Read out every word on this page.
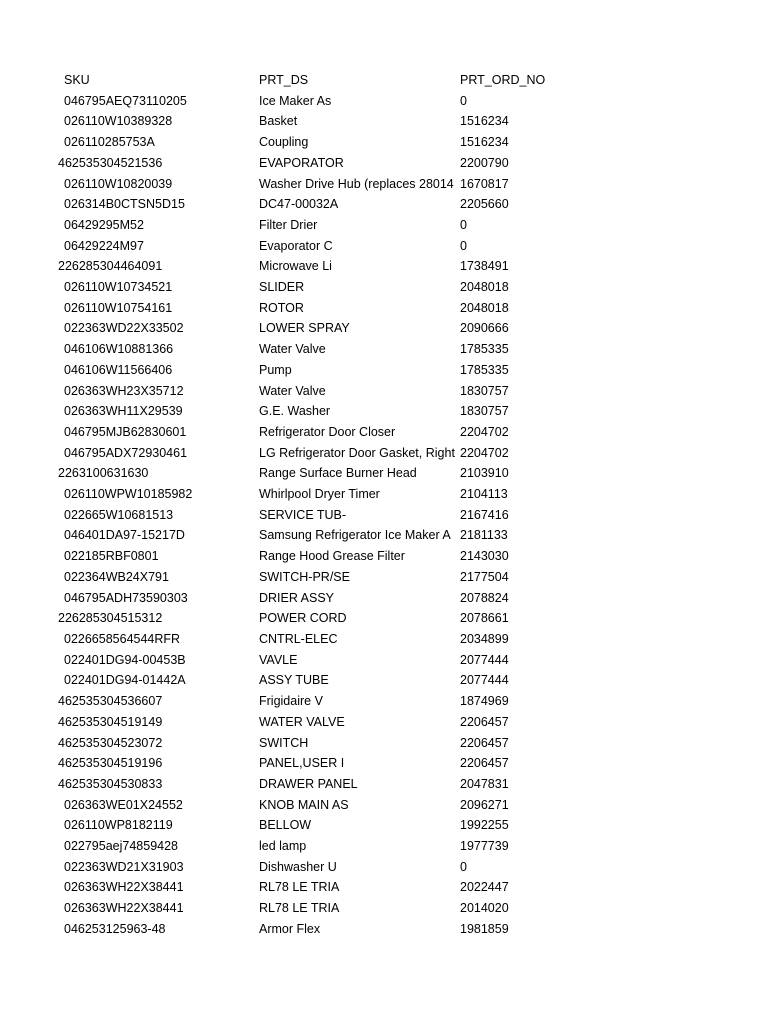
SKU	PRT_DS	PRT_ORD_NO
046795AEQ73110205	Ice Maker As	0
026110W10389328	Basket	1516234
026110285753A	Coupling	1516234
462535304521536	EVAPORATOR	2200790
026110W10820039	Washer Drive Hub (replaces 28014	1670817
026314B0CTSN5D15	DC47-00032A	2205660
06429295M52	Filter Drier	0
06429224M97	Evaporator C	0
226285304464091	Microwave Li	1738491
026110W10734521	SLIDER	2048018
026110W10754161	ROTOR	2048018
022363WD22X33502	LOWER SPRAY	2090666
046106W10881366	Water Valve	1785335
046106W11566406	Pump	1785335
026363WH23X35712	Water Valve	1830757
026363WH11X29539	G.E. Washer	1830757
046795MJB62830601	Refrigerator Door Closer	2204702
046795ADX72930461	LG Refrigerator Door Gasket, Right	2204702
2263100631630	Range Surface Burner Head	2103910
026110WPW10185982	Whirlpool Dryer Timer	2104113
022665W10681513	SERVICE TUB-	2167416
046401DA97-15217D	Samsung Refrigerator Ice Maker A	2181133
022185RBF0801	Range Hood Grease Filter	2143030
022364WB24X791	SWITCH-PR/SE	2177504
046795ADH73590303	DRIER ASSY	2078824
226285304515312	POWER CORD	2078661
0226658564544RFR	CNTRL-ELEC	2034899
022401DG94-00453B	VAVLE	2077444
022401DG94-01442A	ASSY TUBE	2077444
462535304536607	Frigidaire V	1874969
462535304519149	WATER VALVE	2206457
462535304523072	SWITCH	2206457
462535304519196	PANEL,USER I	2206457
462535304530833	DRAWER PANEL	2047831
026363WE01X24552	KNOB MAIN AS	2096271
026110WP8182119	BELLOW	1992255
022795aej74859428	led lamp	1977739
022363WD21X31903	Dishwasher U	0
026363WH22X38441	RL78 LE TRIA	2022447
026363WH22X38441	RL78 LE TRIA	2014020
046253125963-48	Armor Flex	1981859
